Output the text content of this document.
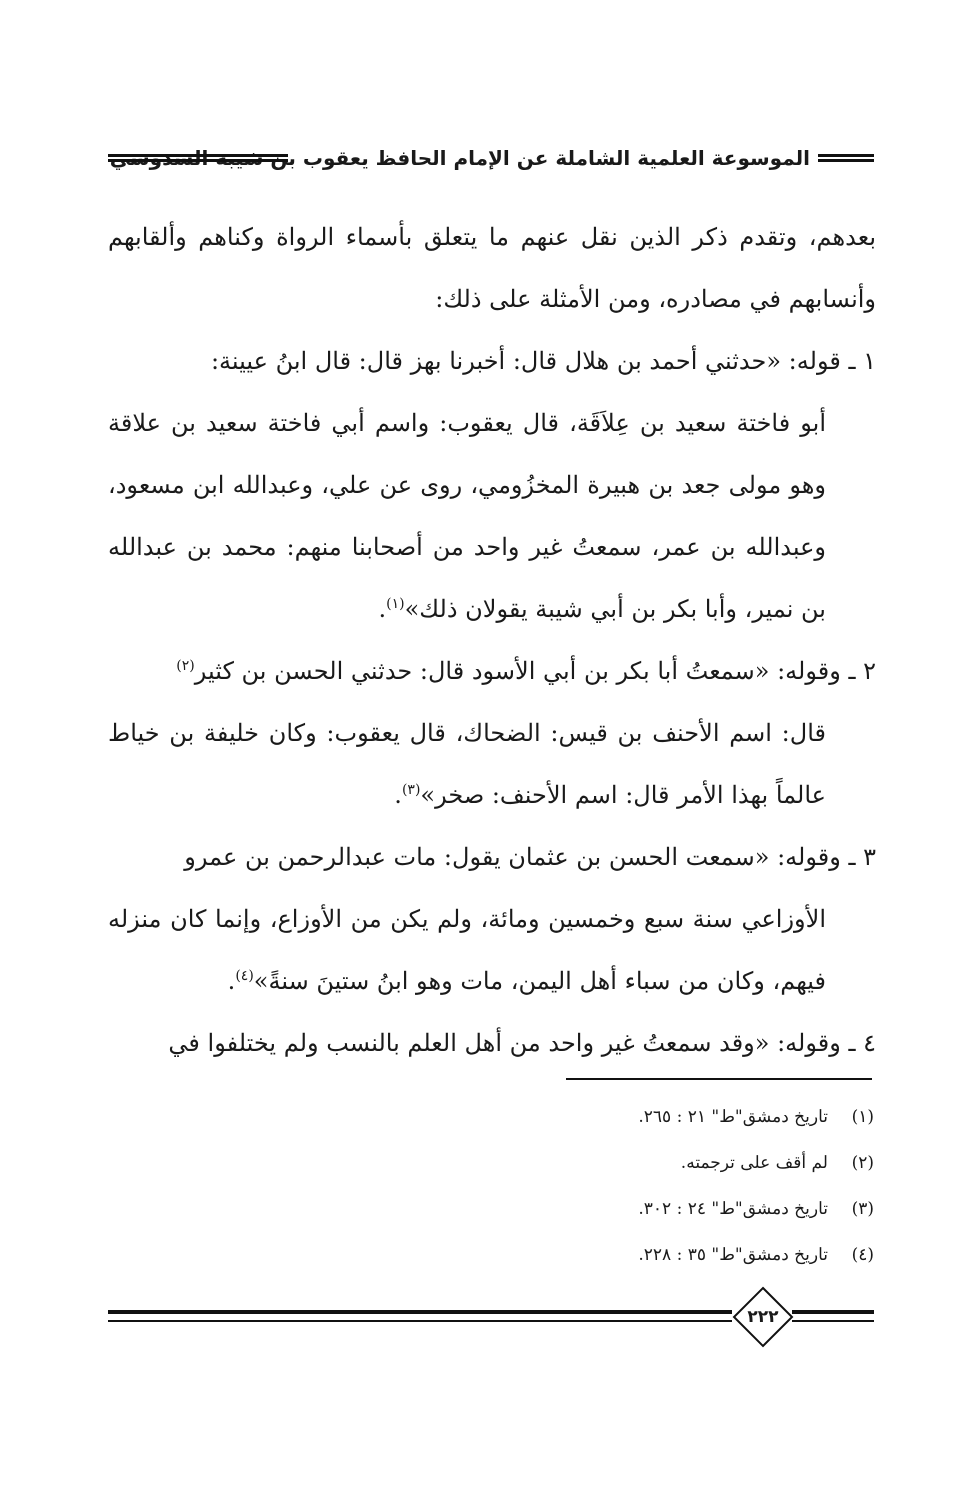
الموسوعة العلمية الشاملة عن الإمام الحافظ يعقوب بن شيبة السدوسي

بعدهم، وتقدم ذكر الذين نقل عنهم ما يتعلق بأسماء الرواة وكناهم وألقابهم وأنسابهم في مصادره، ومن الأمثلة على ذلك:

١ ـ قوله: «حدثني أحمد بن هلال قال: أخبرنا بهز قال: قال ابنُ عيينة:
أبو فاختة سعيد بن عِلاَقَة، قال يعقوب: واسم أبي فاختة سعيد بن علاقة وهو مولى جعد بن هبيرة المخزُومي، روى عن علي، وعبدالله ابن مسعود، وعبدالله بن عمر، سمعتُ غير واحد من أصحابنا منهم: محمد بن عبدالله بن نمير، وأبا بكر بن أبي شيبة يقولان ذلك»$^{(١)}$.

٢ ـ وقوله: «سمعتُ أبا بكر بن أبي الأسود قال: حدثني الحسن بن كثير$^{(٢)}$
قال: اسم الأحنف بن قيس: الضحاك، قال يعقوب: وكان خليفة بن خياط عالماً بهذا الأمر قال: اسم الأحنف: صخر»$^{(٣)}$.

٣ ـ وقوله: «سمعت الحسن بن عثمان يقول: مات عبدالرحمن بن عمرو
الأوزاعي سنة سبع وخمسين ومائة، ولم يكن من الأوزاع، وإنما كان منزله فيهم، وكان من سباء أهل اليمن، مات وهو ابنُ ستينَ سنةً»$^{(٤)}$.

٤ ـ وقوله: «وقد سمعتُ غير واحد من أهل العلم بالنسب ولم يختلفوا في

(١)تاريخ دمشق"ط" ٢١ : ٢٦٥.
(٢)لم أقف على ترجمته.
(٣)تاريخ دمشق"ط" ٢٤ : ٣٠٢.
(٤)تاريخ دمشق"ط" ٣٥ : ٢٢٨.
٢٢٢
